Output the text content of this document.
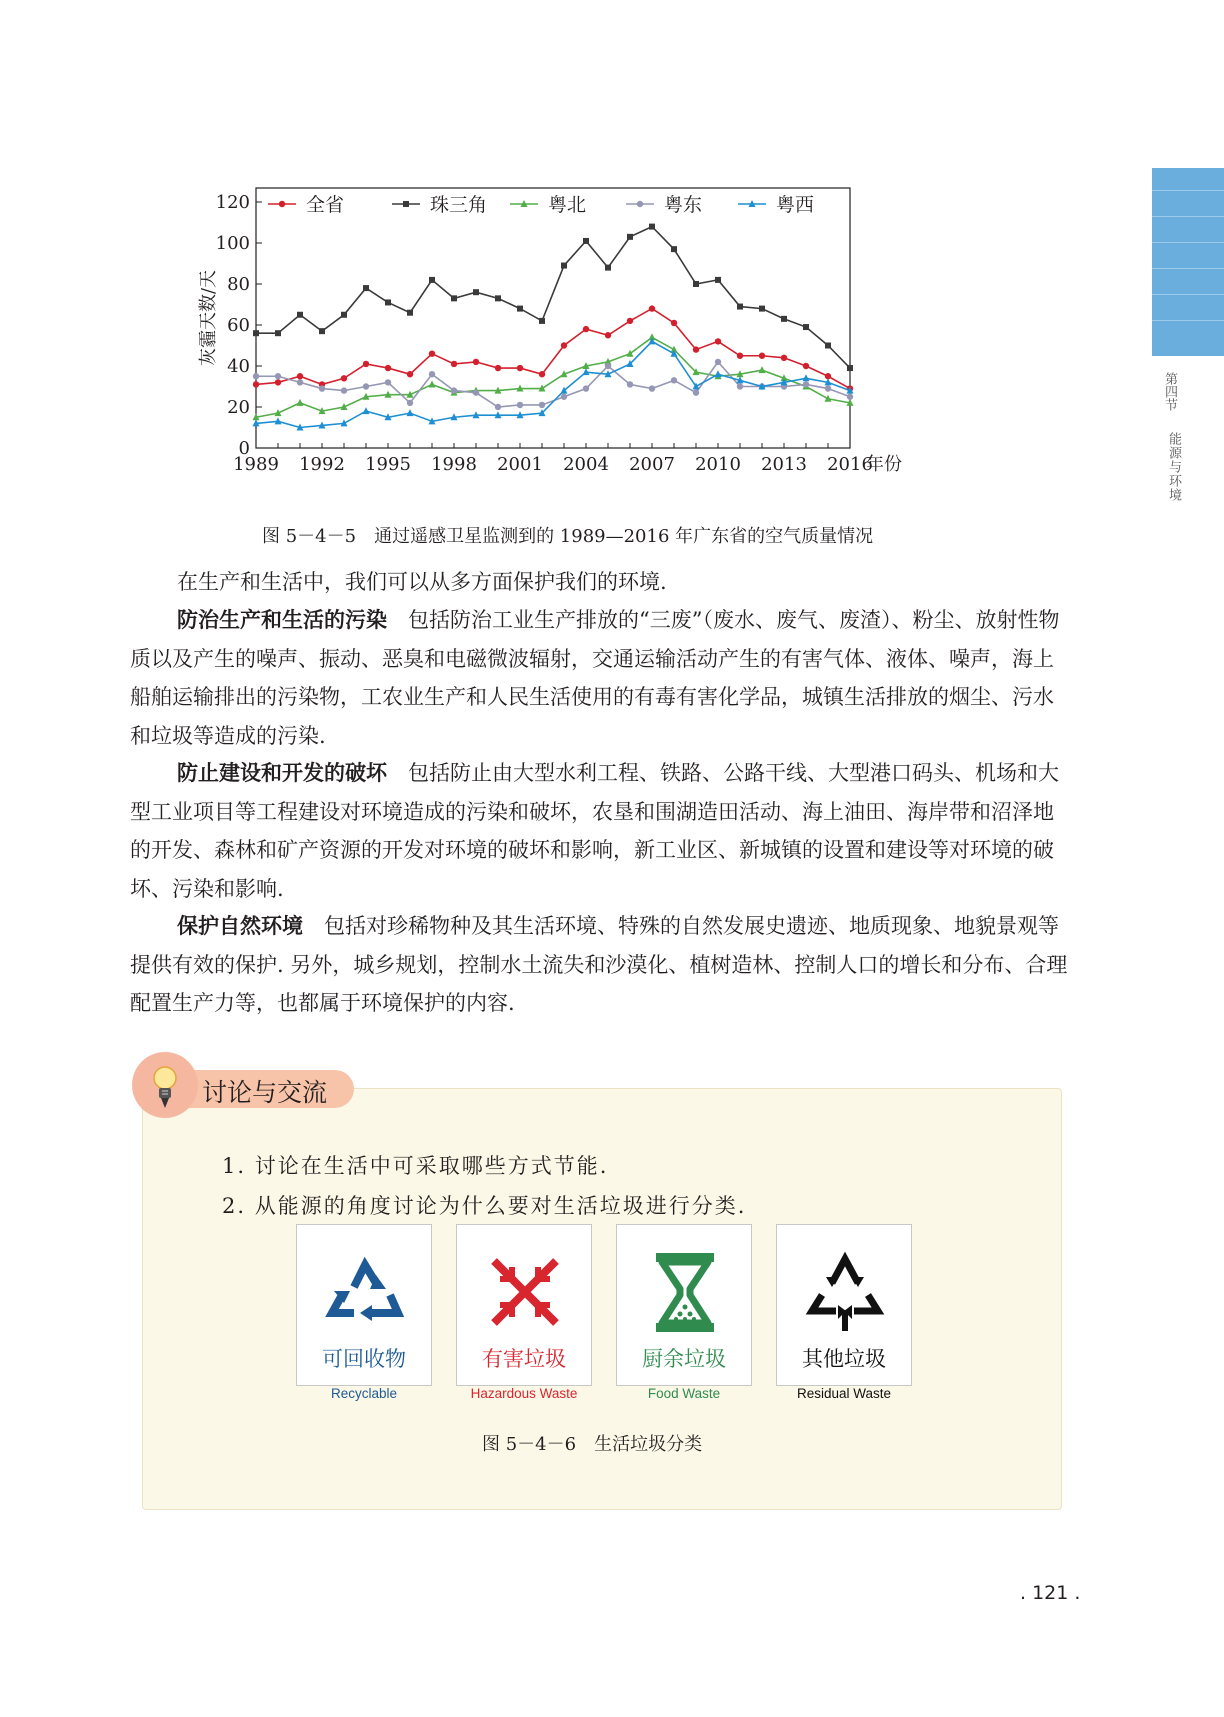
第四节
能源与环境
0
20
40
60
80
100
120
1989 1992 1995 1998 2001 2004 2007 2010 2013 2016
年份
灰霾天数/天
全省	珠三角	粤北	粤东	粤西
图 5－4－5　通过遥感卫星监测到的 1989—2016 年广东省的空气质量情况
在生产和生活中，我们可以从多方面保护我们的环境.
防治生产和生活的污染  包括防治工业生产排放的“三废”（废水、废气、废渣）、粉尘、放射性物质以及产生的噪声、振动、恶臭和电磁微波辐射，交通运输活动产生的有害气体、液体、噪声，海上船舶运输排出的污染物，工农业生产和人民生活使用的有毒有害化学品，城镇生活排放的烟尘、污水和垃圾等造成的污染.
防止建设和开发的破坏  包括防止由大型水利工程、铁路、公路干线、大型港口码头、机场和大型工业项目等工程建设对环境造成的污染和破坏，农垦和围湖造田活动、海上油田、海岸带和沼泽地的开发、森林和矿产资源的开发对环境的破坏和影响，新工业区、新城镇的设置和建设等对环境的破坏、污染和影响.
保护自然环境  包括对珍稀物种及其生活环境、特殊的自然发展史遗迹、地质现象、地貌景观等提供有效的保护. 另外，城乡规划，控制水土流失和沙漠化、植树造林、控制人口的增长和分布、合理配置生产力等，也都属于环境保护的内容.
讨论与交流
1. 讨论在生活中可采取哪些方式节能.
2. 从能源的角度讨论为什么要对生活垃圾进行分类.
可回收物
Recyclable
有害垃圾
Hazardous Waste
厨余垃圾
Food Waste
其他垃圾
Residual Waste
图 5－4－6　生活垃圾分类
. 121 .
